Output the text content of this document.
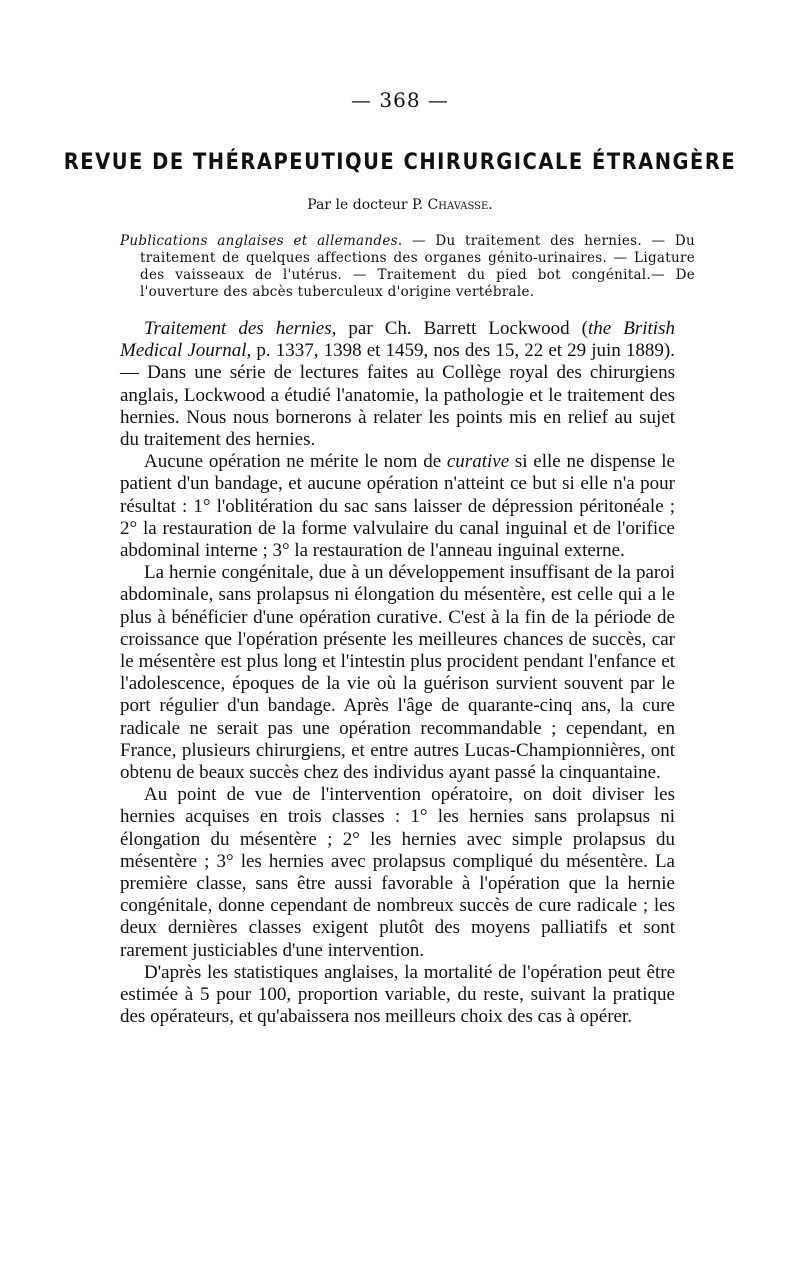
— 368 —
REVUE DE THÉRAPEUTIQUE CHIRURGICALE ÉTRANGÈRE
Par le docteur P. Chavasse.
Publications anglaises et allemandes. — Du traitement des hernies. — Du traitement de quelques affections des organes génito-urinaires. — Ligature des vaisseaux de l'utérus. — Traitement du pied bot congénital.— De l'ouverture des abcès tuberculeux d'origine vertébrale.

Traitement des hernies, par Ch. Barrett Lockwood (the British Medical Journal, p. 1337, 1398 et 1459, nos des 15, 22 et 29 juin 1889). — Dans une série de lectures faites au Collège royal des chirurgiens anglais, Lockwood a étudié l'anatomie, la pathologie et le traitement des hernies. Nous nous bornerons à relater les points mis en relief au sujet du traitement des hernies.

Aucune opération ne mérite le nom de curative si elle ne dispense le patient d'un bandage, et aucune opération n'atteint ce but si elle n'a pour résultat : 1° l'oblitération du sac sans laisser de dépression péritonéale ; 2° la restauration de la forme valvulaire du canal inguinal et de l'orifice abdominal interne ; 3° la restauration de l'anneau inguinal externe.

La hernie congénitale, due à un développement insuffisant de la paroi abdominale, sans prolapsus ni élongation du mésentère, est celle qui a le plus à bénéficier d'une opération curative. C'est à la fin de la période de croissance que l'opération présente les meilleures chances de succès, car le mésentère est plus long et l'intestin plus procident pendant l'enfance et l'adolescence, époques de la vie où la guérison survient souvent par le port régulier d'un bandage. Après l'âge de quarante-cinq ans, la cure radicale ne serait pas une opération recommandable ; cependant, en France, plusieurs chirurgiens, et entre autres Lucas-Championnières, ont obtenu de beaux succès chez des individus ayant passé la cinquantaine.

Au point de vue de l'intervention opératoire, on doit diviser les hernies acquises en trois classes : 1° les hernies sans prolapsus ni élongation du mésentère ; 2° les hernies avec simple prolapsus du mésentère ; 3° les hernies avec prolapsus compliqué du mésentère. La première classe, sans être aussi favorable à l'opération que la hernie congénitale, donne cependant de nombreux succès de cure radicale ; les deux dernières classes exigent plutôt des moyens palliatifs et sont rarement justiciables d'une intervention.

D'après les statistiques anglaises, la mortalité de l'opération peut être estimée à 5 pour 100, proportion variable, du reste, suivant la pratique des opérateurs, et qu'abaissera nos meilleurs choix des cas à opérer.
